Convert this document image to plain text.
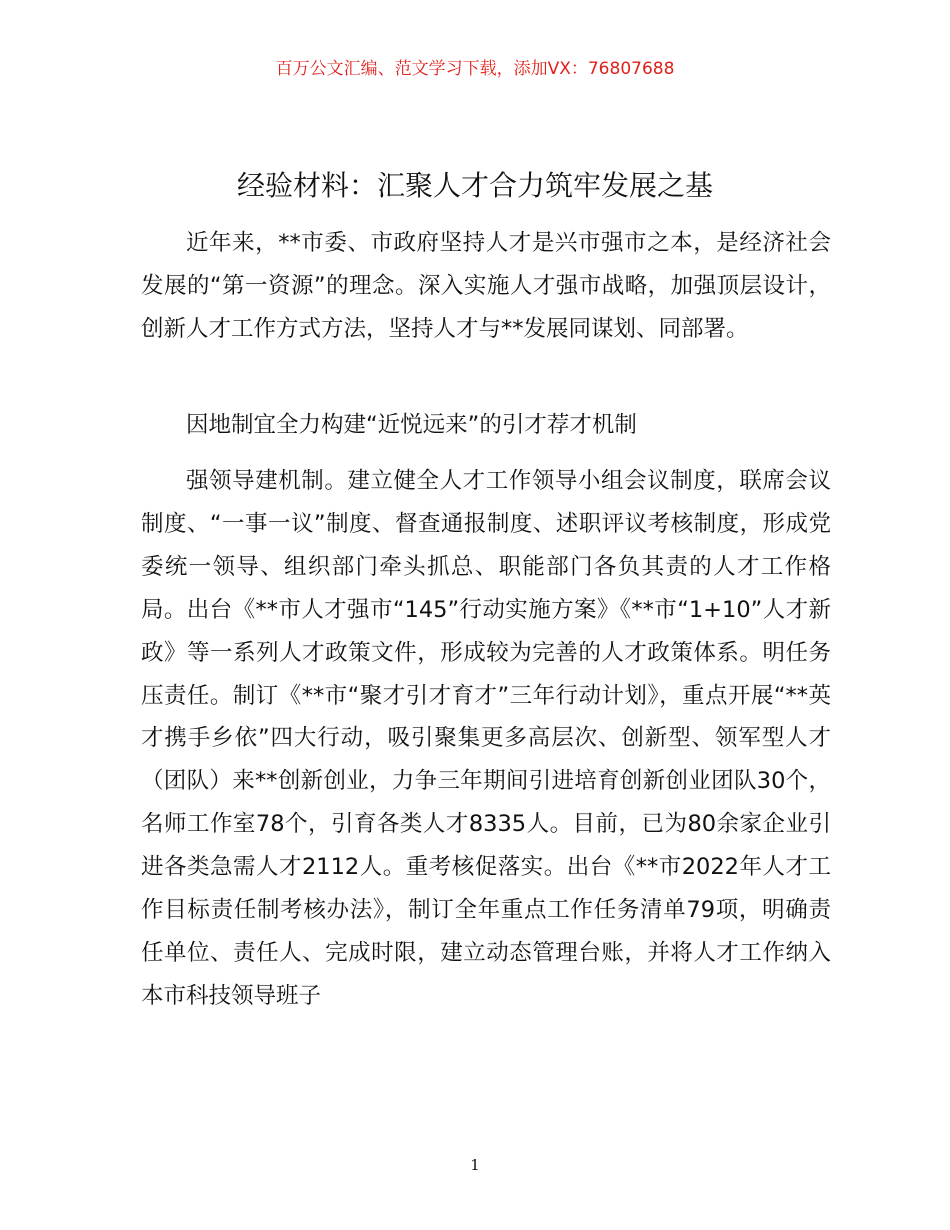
百万公文汇编、范文学习下载，添加VX：76807688
经验材料：汇聚人才合力筑牢发展之基

近年来，**市委、市政府坚持人才是兴市强市之本，是经济社会发展的“第一资源”的理念。深入实施人才强市战略，加强顶层设计，创新人才工作方式方法，坚持人才与**发展同谋划、同部署。

因地制宜全力构建“近悦远来”的引才荐才机制

强领导建机制。建立健全人才工作领导小组会议制度，联席会议制度、“一事一议”制度、督查通报制度、述职评议考核制度，形成党委统一领导、组织部门牵头抓总、职能部门各负其责的人才工作格局。出台《**市人才强市“145”行动实施方案》《**市“1+10”人才新政》等一系列人才政策文件，形成较为完善的人才政策体系。明任务压责任。制订《**市“聚才引才育才”三年行动计划》，重点开展“**英才携手乡依”四大行动，吸引聚集更多高层次、创新型、领军型人才（团队）来**创新创业，力争三年期间引进培育创新创业团队30个，名师工作室78个，引育各类人才8335人。目前，已为80余家企业引进各类急需人才2112人。重考核促落实。出台《**市2022年人才工作目标责任制考核办法》，制订全年重点工作任务清单79项，明确责任单位、责任人、完成时限，建立动态管理台账，并将人才工作纳入本市科技领导班子

1
